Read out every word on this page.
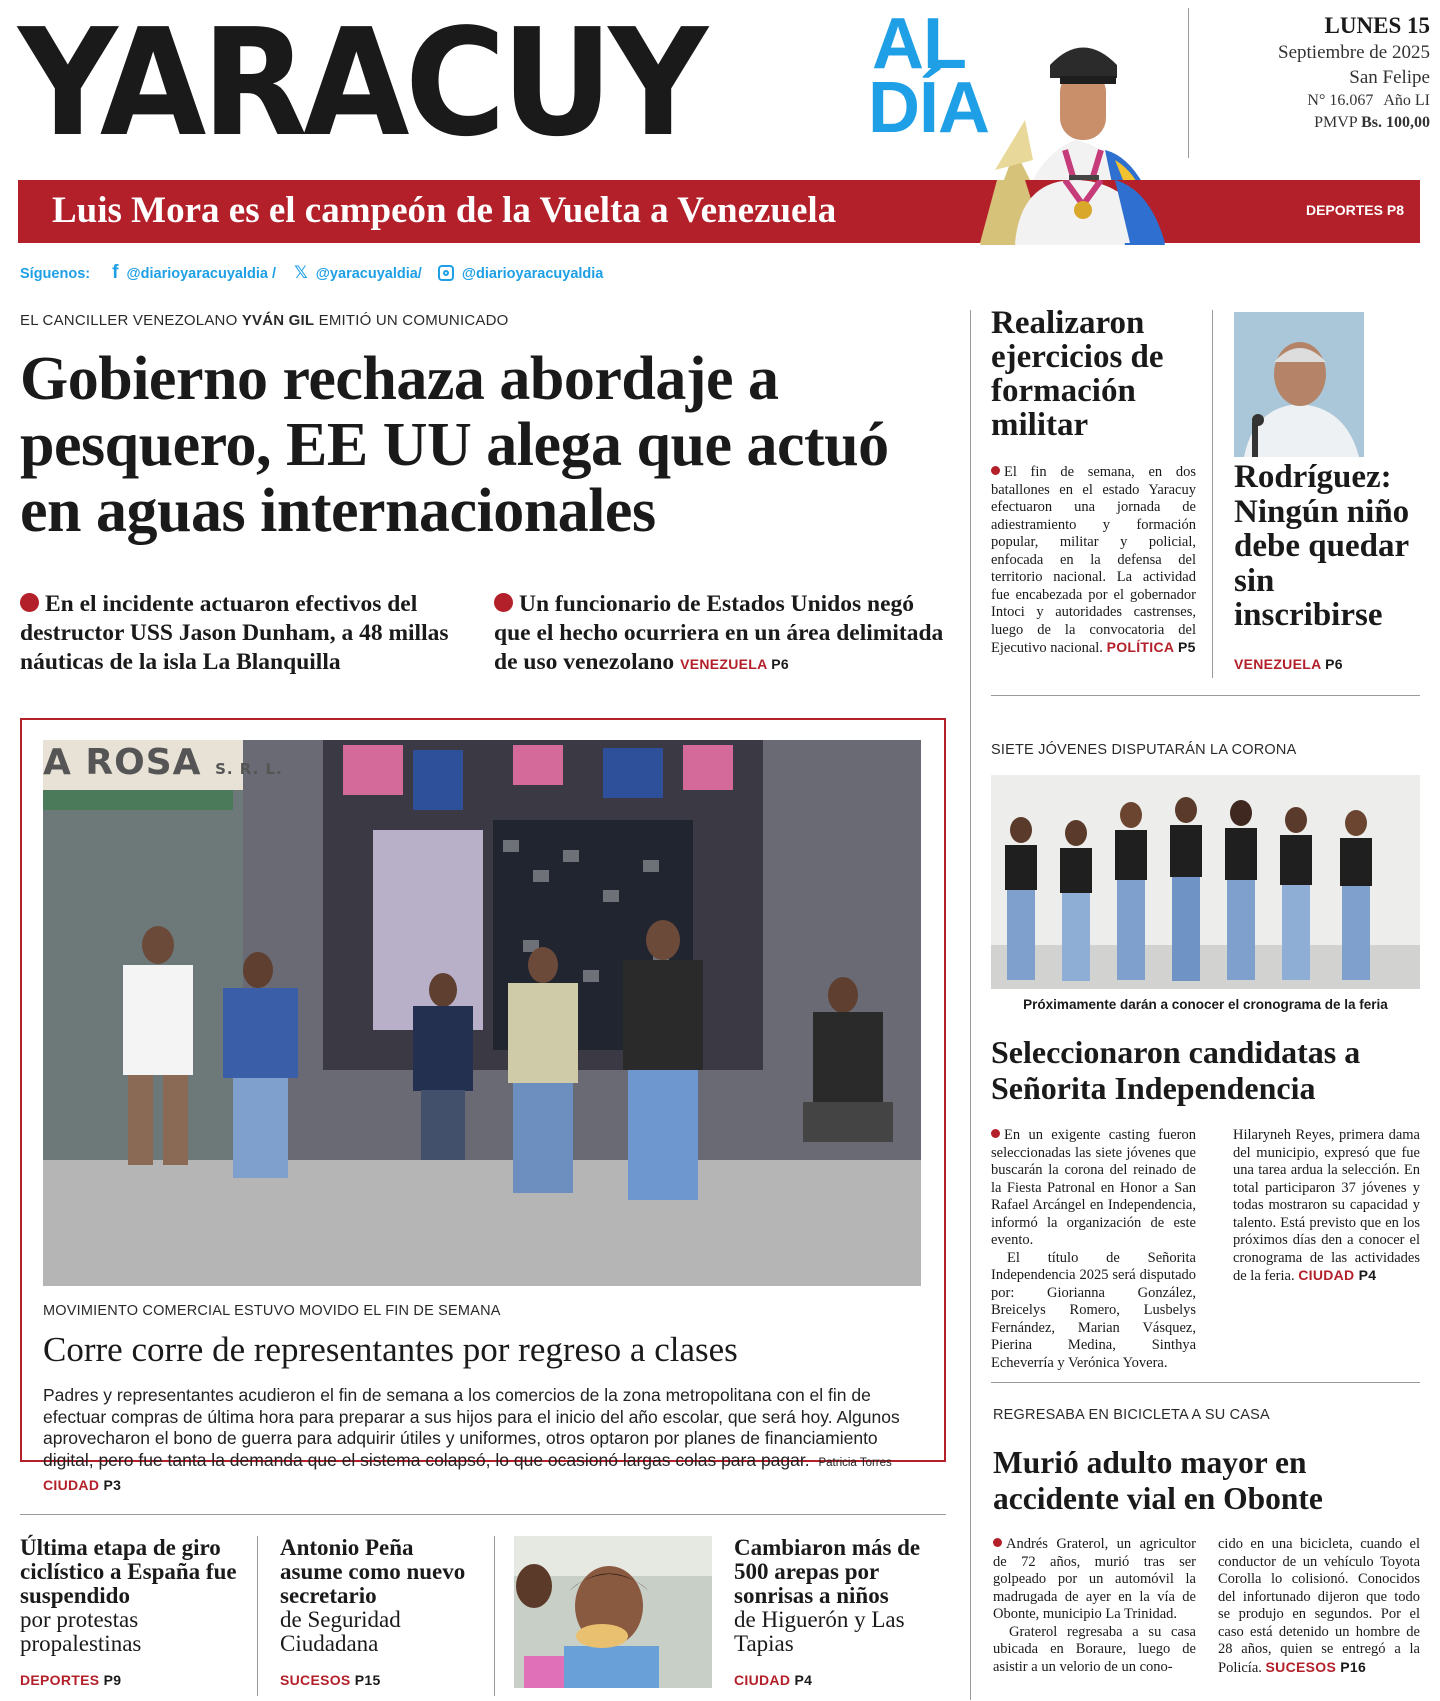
YARACUY	AL
DÍA
LUNES 15
Septiembre de 2025
San Felipe
N° 16.067 Año LI
PMVP Bs. 100,00
Luis Mora es el campeón de la Vuelta a Venezuela	DEPORTES P8
Síguenos: f @diarioyaracuyaldia / 𝕏 @yaracuyaldia/	@diarioyaracuyaldia
EL CANCILLER VENEZOLANO YVÁN GIL EMITIÓ UN COMUNICADO
Gobierno rechaza abordaje a pesquero, EE UU alega que actuó en aguas internacionales
En el incidente actuaron efectivos del destructor USS Jason Dunham, a 48 millas náuticas de la isla La Blanquilla
Un funcionario de Estados Unidos negó que el hecho ocurriera en un área delimitada de uso venezolano VENEZUELA P6
Realizaron ejercicios de formación militar
El fin de semana, en dos batallones en el estado Yaracuy efectuaron una jornada de adiestramiento y formación popular, militar y policial, enfocada en la defensa del territorio nacional. La actividad fue encabezada por el gobernador Intoci y autoridades castrenses, luego de la convocatoria del Ejecutivo nacional. POLÍTICA P5
Rodríguez: Ningún niño debe quedar sin inscribirse
VENEZUELA P6
A ROSA S. R. L.
MOVIMIENTO COMERCIAL ESTUVO MOVIDO EL FIN DE SEMANA
Corre corre de representantes por regreso a clases
Padres y representantes acudieron el fin de semana a los comercios de la zona metropolitana con el fin de efectuar compras de última hora para preparar a sus hijos para el inicio del año escolar, que será hoy. Algunos aprovecharon el bono de guerra para adquirir útiles y uniformes, otros optaron por planes de financiamiento digital, pero fue tanta la demanda que el sistema colapsó, lo que ocasionó largas colas para pagar. Patricia Torres CIUDAD P3
SIETE JÓVENES DISPUTARÁN LA CORONA
Próximamente darán a conocer el cronograma de la feria
Seleccionaron candidatas a Señorita Independencia
En un exigente casting fueron seleccionadas las siete jóvenes que buscarán la corona del reinado de la Fiesta Patronal en Honor a San Rafael Arcángel en Independencia, informó la organización de este evento.
El título de Señorita Independencia 2025 será disputado por: Giorianna González, Breicelys Romero, Lusbelys Fernández, Marian Vásquez, Pierina Medina, Sinthya Echeverría y Verónica Yovera.
Hilaryneh Reyes, primera dama del municipio, expresó que fue una tarea ardua la selección. En total participaron 37 jóvenes y todas mostraron su capacidad y talento. Está previsto que en los próximos días den a conocer el cronograma de las actividades de la feria. CIUDAD P4
REGRESABA EN BICICLETA A SU CASA
Murió adulto mayor en accidente vial en Obonte
Andrés Graterol, un agricultor de 72 años, murió tras ser golpeado por un automóvil la madrugada de ayer en la vía de Obonte, municipio La Trinidad.
Graterol regresaba a su casa ubicada en Boraure, luego de asistir a un velorio de un cono-
cido en una bicicleta, cuando el conductor de un vehículo Toyota Corolla lo colisionó. Conocidos del infortunado dijeron que todo se produjo en segundos. Por el caso está detenido un hombre de 28 años, quien se entregó a la Policía. SUCESOS P16
Última etapa de giro ciclístico a España fue suspendido
por protestas propalestinas
DEPORTES P9
Antonio Peña asume como nuevo secretario
de Seguridad Ciudadana
SUCESOS P15
Cambiaron más de 500 arepas por sonrisas a niños
de Higuerón y Las Tapias
CIUDAD P4
